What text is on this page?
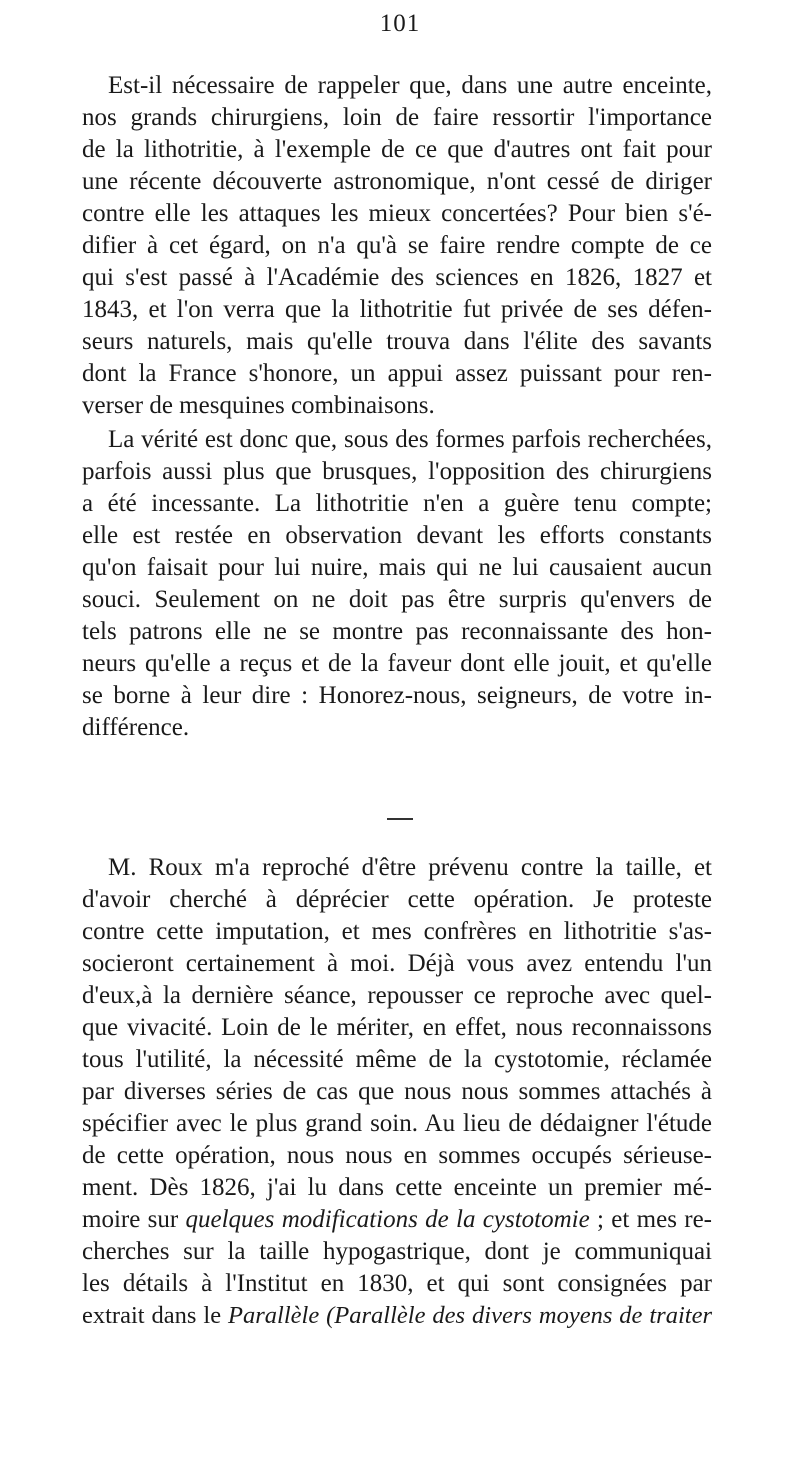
101
Est-il nécessaire de rappeler que, dans une autre enceinte,
nos grands chirurgiens, loin de faire ressortir l'importance
de la lithotritie, à l'exemple de ce que d'autres ont fait pour
une récente découverte astronomique, n'ont cessé de diriger
contre elle les attaques les mieux concertées? Pour bien s'é-
difier à cet égard, on n'a qu'à se faire rendre compte de ce
qui s'est passé à l'Académie des sciences en 1826, 1827 et
1843, et l'on verra que la lithotritie fut privée de ses défen-
seurs naturels, mais qu'elle trouva dans l'élite des savants
dont la France s'honore, un appui assez puissant pour ren-
verser de mesquines combinaisons.
La vérité est donc que, sous des formes parfois recherchées,
parfois aussi plus que brusques, l'opposition des chirurgiens
a été incessante. La lithotritie n'en a guère tenu compte;
elle est restée en observation devant les efforts constants
qu'on faisait pour lui nuire, mais qui ne lui causaient aucun
souci. Seulement on ne doit pas être surpris qu'envers de
tels patrons elle ne se montre pas reconnaissante des hon-
neurs qu'elle a reçus et de la faveur dont elle jouit, et qu'elle
se borne à leur dire : Honorez-nous, seigneurs, de votre in-
différence.
M. Roux m'a reproché d'être prévenu contre la taille, et
d'avoir cherché à déprécier cette opération. Je proteste
contre cette imputation, et mes confrères en lithotritie s'as-
socieront certainement à moi. Déjà vous avez entendu l'un
d'eux,à la dernière séance, repousser ce reproche avec quel-
que vivacité. Loin de le mériter, en effet, nous reconnaissons
tous l'utilité, la nécessité même de la cystotomie, réclamée
par diverses séries de cas que nous nous sommes attachés à
spécifier avec le plus grand soin. Au lieu de dédaigner l'étude
de cette opération, nous nous en sommes occupés sérieuse-
ment. Dès 1826, j'ai lu dans cette enceinte un premier mé-
moire sur quelques modifications de la cystotomie ; et mes re-
cherches sur la taille hypogastrique, dont je communiquai
les détails à l'Institut en 1830, et qui sont consignées par
extrait dans le Parallèle (Parallèle des divers moyens de traiter
